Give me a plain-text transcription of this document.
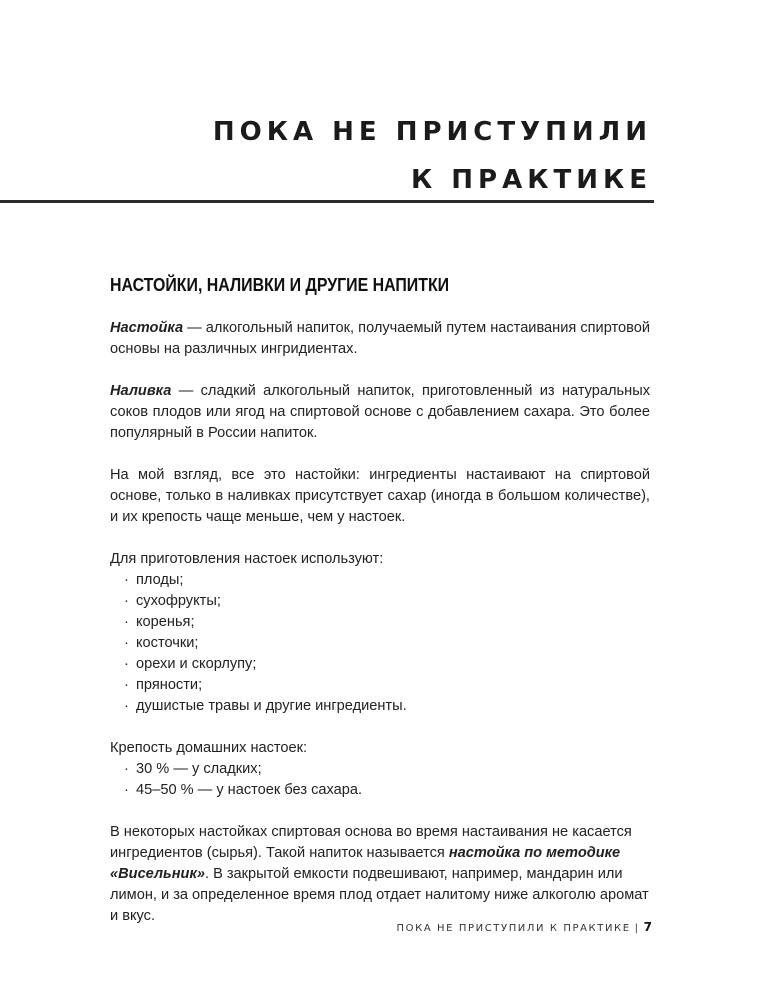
ПОКА НЕ ПРИСТУПИЛИ
К ПРАКТИКЕ
НАСТОЙКИ, НАЛИВКИ И ДРУГИЕ НАПИТКИ

Настойка — алкогольный напиток, получаемый путем настаивания спиртовой основы на различных ингридиентах.

Наливка — сладкий алкогольный напиток, приготовленный из натуральных соков плодов или ягод на спиртовой основе с добавлением сахара. Это более популярный в России напиток.

На мой взгляд, все это настойки: ингредиенты настаивают на спиртовой основе, только в наливках присутствует сахар (иногда в большом количестве), и их крепость чаще меньше, чем у настоек.

Для приготовления настоек используют:

· плоды;
· сухофрукты;
· коренья;
· косточки;
· орехи и скорлупу;
· пряности;
· душистые травы и другие ингредиенты.

Крепость домашних настоек:

· 30 % — у сладких;
· 45–50 % — у настоек без сахара.

В некоторых настойках спиртовая основа во время настаивания не касается ингредиентов (сырья). Такой напиток называется настойка по методике «Висельник». В закрытой емкости подвешивают, например, мандарин или лимон, и за определенное время плод отдает налитому ниже алкоголю аромат и вкус.

ПОКА НЕ ПРИСТУПИЛИ К ПРАКТИКЕ | 7
